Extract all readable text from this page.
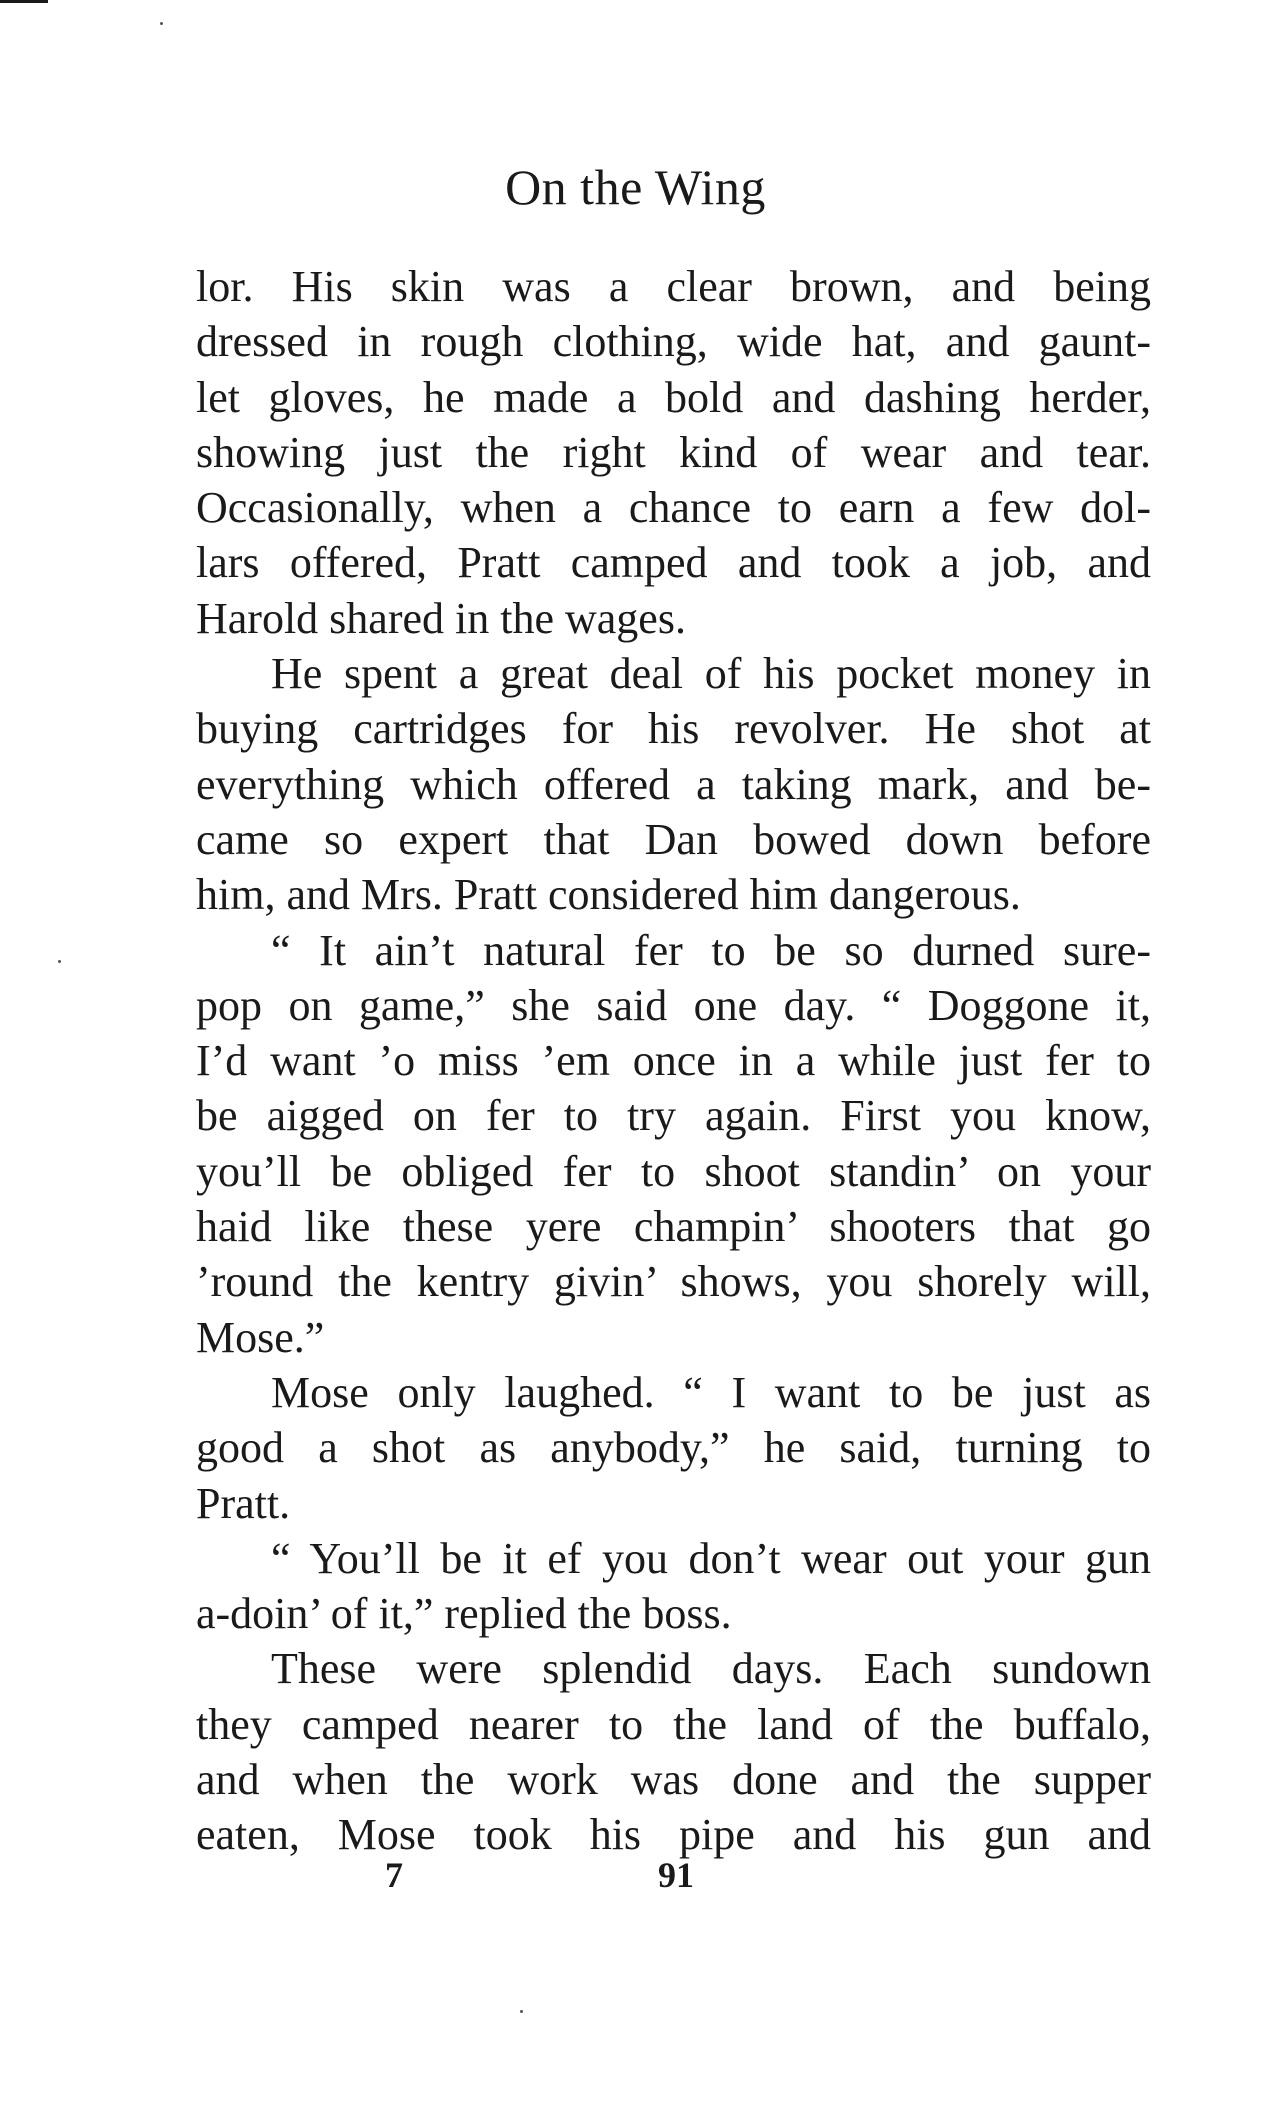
On the Wing
lor. His skin was a clear brown, and being
dressed in rough clothing, wide hat, and gaunt-
let gloves, he made a bold and dashing herder,
showing just the right kind of wear and tear.
Occasionally, when a chance to earn a few dol-
lars offered, Pratt camped and took a job, and
Harold shared in the wages.
He spent a great deal of his pocket money in
buying cartridges for his revolver. He shot at
everything which offered a taking mark, and be-
came so expert that Dan bowed down before
him, and Mrs. Pratt considered him dangerous.
“ It ain’t natural fer to be so durned sure-
pop on game,” she said one day. “ Doggone it,
I’d want ’o miss ’em once in a while just fer to
be aigged on fer to try again. First you know,
you’ll be obliged fer to shoot standin’ on your
haid like these yere champin’ shooters that go
’round the kentry givin’ shows, you shorely will,
Mose.”
Mose only laughed. “ I want to be just as
good a shot as anybody,” he said, turning to
Pratt.
“ You’ll be it ef you don’t wear out your gun
a-doin’ of it,” replied the boss.
These were splendid days. Each sundown
they camped nearer to the land of the buffalo,
and when the work was done and the supper
eaten, Mose took his pipe and his gun and
7	91
